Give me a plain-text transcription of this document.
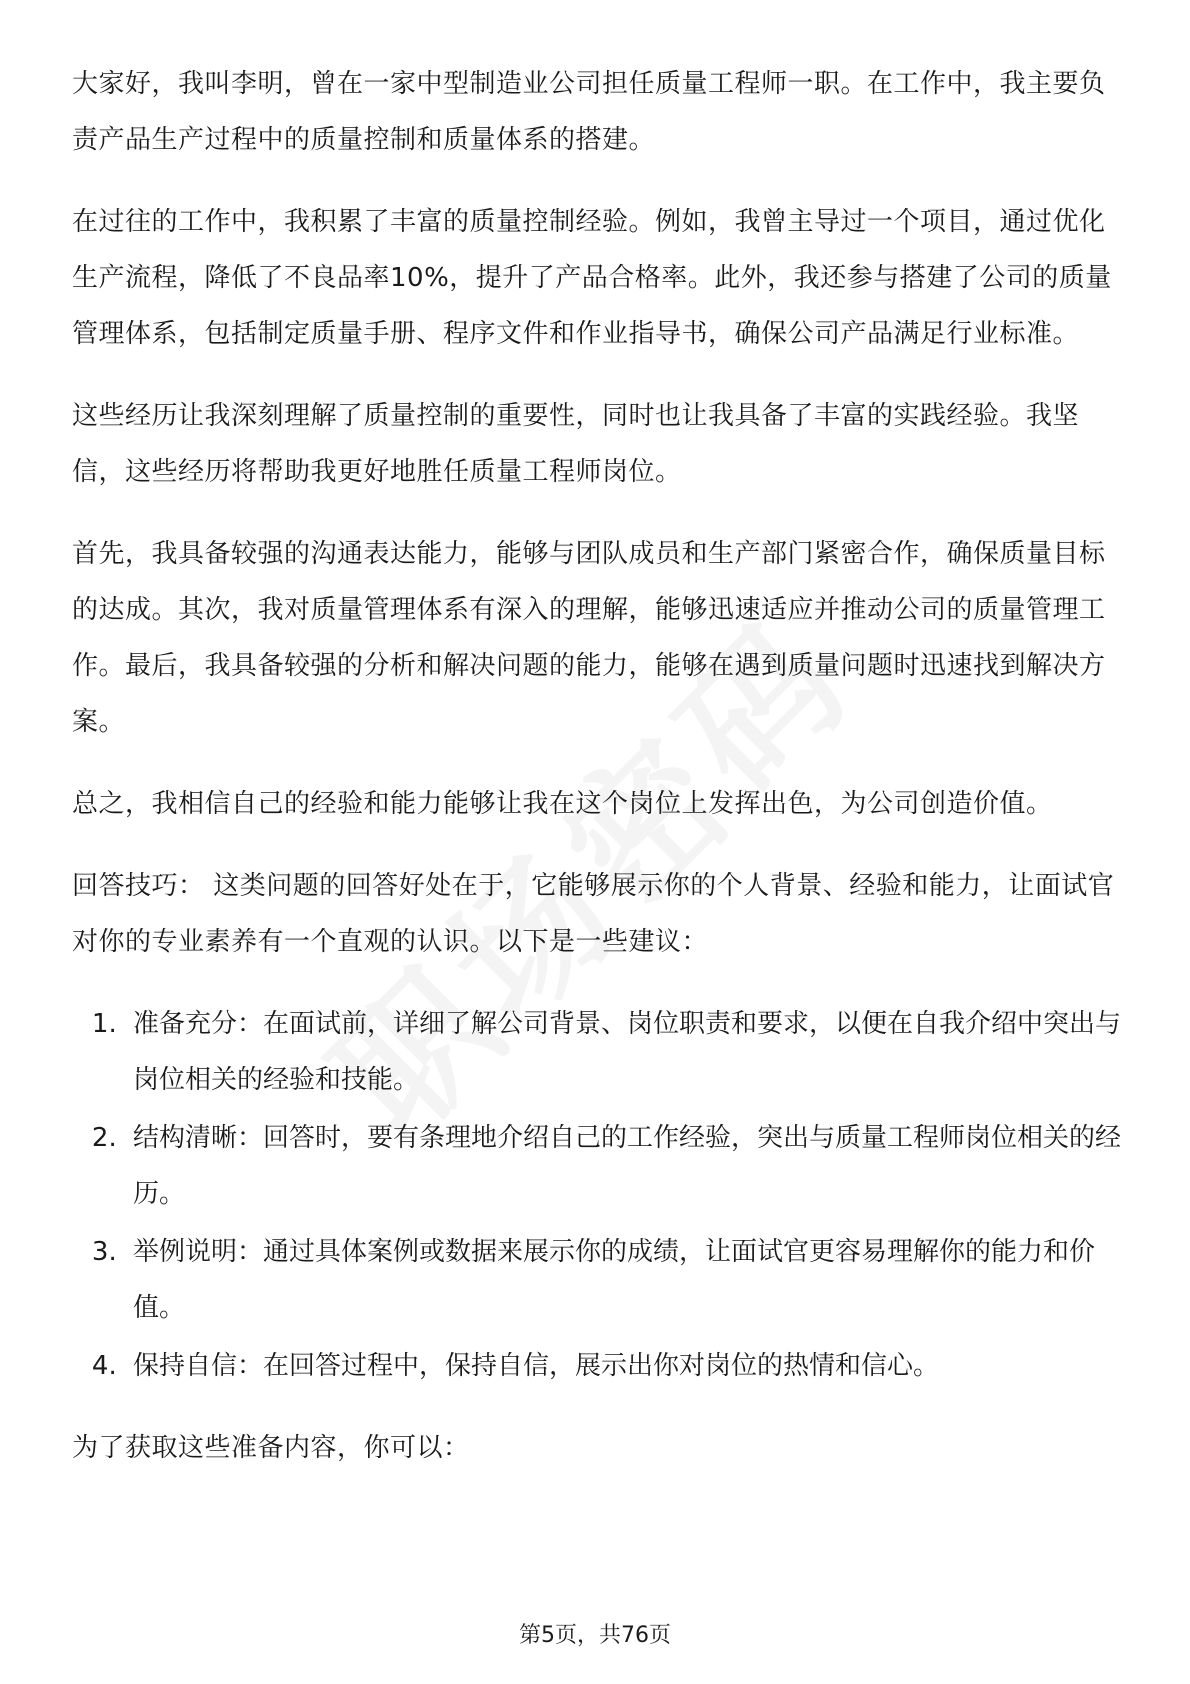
大家好，我叫李明，曾在一家中型制造业公司担任质量工程师一职。在工作中，我主要负责产品生产过程中的质量控制和质量体系的搭建。

在过往的工作中，我积累了丰富的质量控制经验。例如，我曾主导过一个项目，通过优化生产流程，降低了不良品率10%，提升了产品合格率。此外，我还参与搭建了公司的质量管理体系，包括制定质量手册、程序文件和作业指导书，确保公司产品满足行业标准。

这些经历让我深刻理解了质量控制的重要性，同时也让我具备了丰富的实践经验。我坚信，这些经历将帮助我更好地胜任质量工程师岗位。

首先，我具备较强的沟通表达能力，能够与团队成员和生产部门紧密合作，确保质量目标的达成。其次，我对质量管理体系有深入的理解，能够迅速适应并推动公司的质量管理工作。最后，我具备较强的分析和解决问题的能力，能够在遇到质量问题时迅速找到解决方案。

总之，我相信自己的经验和能力能够让我在这个岗位上发挥出色，为公司创造价值。

回答技巧： 这类问题的回答好处在于，它能够展示你的个人背景、经验和能力，让面试官对你的专业素养有一个直观的认识。以下是一些建议：

1. 准备充分：在面试前，详细了解公司背景、岗位职责和要求，以便在自我介绍中突出与岗位相关的经验和技能。
2. 结构清晰：回答时，要有条理地介绍自己的工作经验，突出与质量工程师岗位相关的经历。
3. 举例说明：通过具体案例或数据来展示你的成绩，让面试官更容易理解你的能力和价值。
4. 保持自信：在回答过程中，保持自信，展示出你对岗位的热情和信心。

为了获取这些准备内容，你可以：

第5页，共76页
